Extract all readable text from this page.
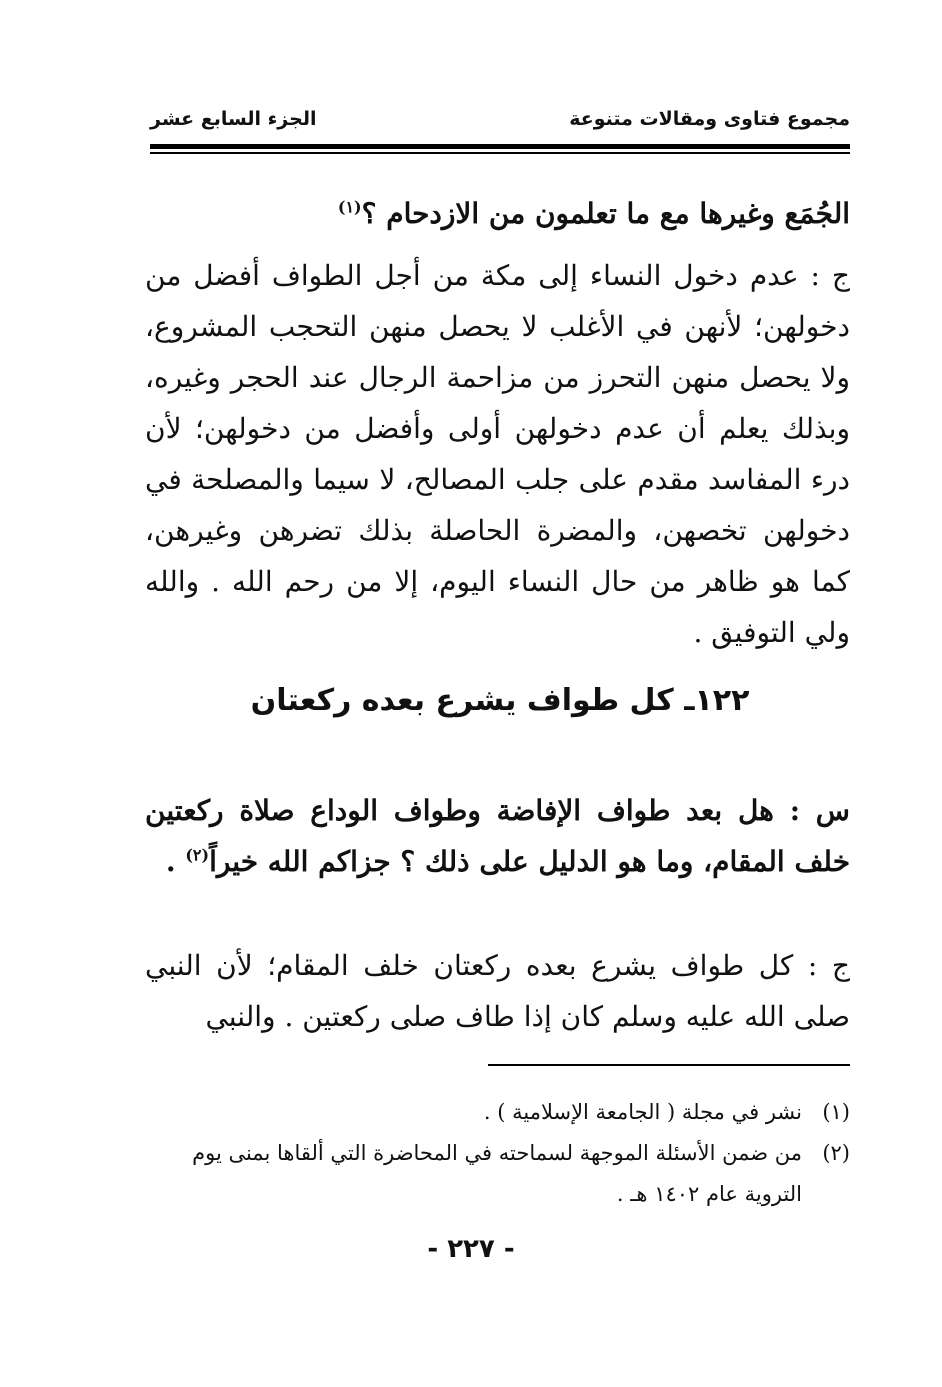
مجموع فتاوى ومقالات متنوعة
الجزء السابع عشر
الجُمَع وغيرها مع ما تعلمون من الازدحام ؟$^{(١)}$
ج : عدم دخول النساء إلى مكة من أجل الطواف أفضل من دخولهن؛ لأنهن في الأغلب لا يحصل منهن التحجب المشروع، ولا يحصل منهن التحرز من مزاحمة الرجال عند الحجر وغيره، وبذلك يعلم أن عدم دخولهن أولى وأفضل من دخولهن؛ لأن درء المفاسد مقدم على جلب المصالح، لا سيما والمصلحة في دخولهن تخصهن، والمضرة الحاصلة بذلك تضرهن وغيرهن، كما هو ظاهر من حال النساء اليوم، إلا من رحم الله . والله ولي التوفيق .
١٢٢ـ كل طواف يشرع بعده ركعتان
س : هل بعد طواف الإفاضة وطواف الوداع صلاة ركعتين خلف المقام، وما هو الدليل على ذلك ؟ جزاكم الله خيراً$^{(٢)}$ .
ج : كل طواف يشرع بعده ركعتان خلف المقام؛ لأن النبي صلى الله عليه وسلم كان إذا طاف صلى ركعتين . والنبي
(١)
نشر في مجلة ( الجامعة الإسلامية ) .
(٢)
من ضمن الأسئلة الموجهة لسماحته في المحاضرة التي ألقاها بمنى يوم التروية عام ١٤٠٢ هـ .
- ٢٢٧ -
